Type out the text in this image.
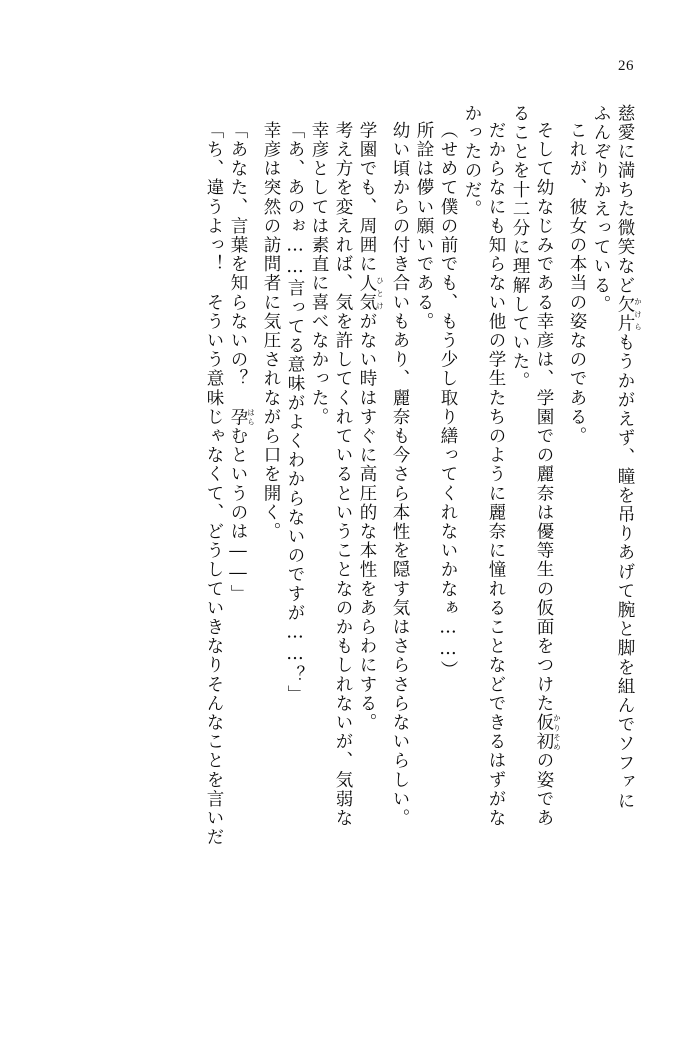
26
慈愛に満ちた微笑など欠片かけらもうかがえず、瞳を吊りあげて腕と脚を組んでソファに
ふんぞりかえっている。
これが、彼女の本当の姿なのである。
そして幼なじみである幸彦は、学園での麗奈は優等生の仮面をつけた仮初かりそめの姿であ
ることを十二分に理解していた。
だからなにも知らない他の学生たちのように麗奈に憧れることなどできるはずがな
かったのだ。
（せめて僕の前でも、もう少し取り繕ってくれないかなぁ……）
所詮は儚い願いである。
幼い頃からの付き合いもあり、麗奈も今さら本性を隠す気はさらさらないらしい。
学園でも、周囲に人気ひとけがない時はすぐに高圧的な本性をあらわにする。
考え方を変えれば、気を許してくれているということなのかもしれないが、気弱な
幸彦としては素直に喜べなかった。
「あ、あのぉ……言ってる意味がよくわからないのですが……？」
幸彦は突然の訪問者に気圧されながら口を開く。
「あなた、言葉を知らないの？　孕はらむというのは――」
「ち、違うよっ！　そういう意味じゃなくて、どうしていきなりそんなことを言いだ
